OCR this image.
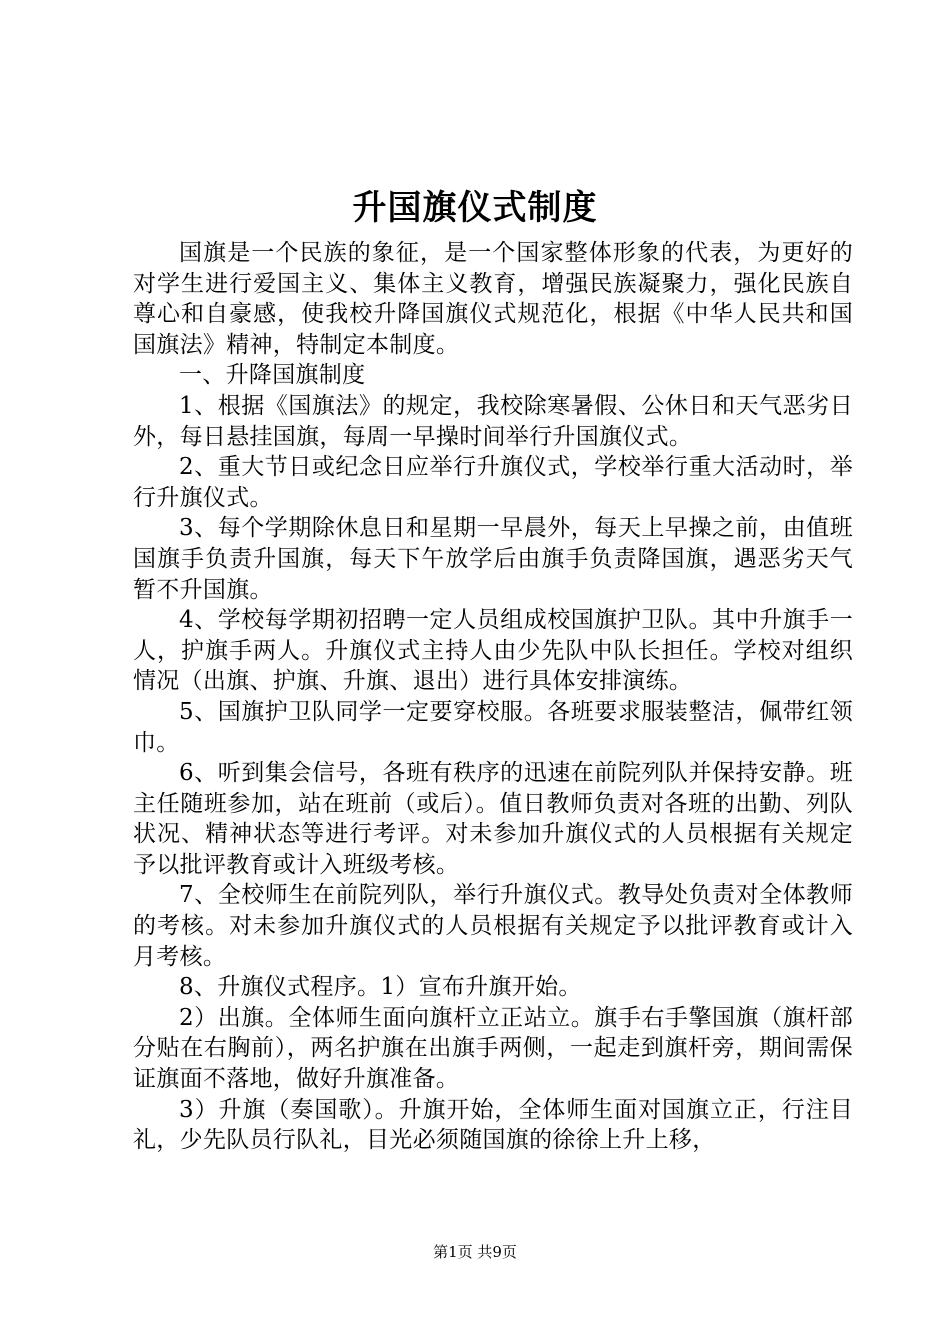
升国旗仪式制度

国旗是一个民族的象征，是一个国家整体形象的代表，为更好的对学生进行爱国主义、集体主义教育，增强民族凝聚力，强化民族自尊心和自豪感，使我校升降国旗仪式规范化，根据《中华人民共和国国旗法》精神，特制定本制度。

一、升降国旗制度

1、根据《国旗法》的规定，我校除寒暑假、公休日和天气恶劣日外，每日悬挂国旗，每周一早操时间举行升国旗仪式。

2、重大节日或纪念日应举行升旗仪式，学校举行重大活动时，举行升旗仪式。

3、每个学期除休息日和星期一早晨外，每天上早操之前，由值班国旗手负责升国旗，每天下午放学后由旗手负责降国旗，遇恶劣天气暂不升国旗。

4、学校每学期初招聘一定人员组成校国旗护卫队。其中升旗手一人，护旗手两人。升旗仪式主持人由少先队中队长担任。学校对组织情况（出旗、护旗、升旗、退出）进行具体安排演练。

5、国旗护卫队同学一定要穿校服。各班要求服装整洁，佩带红领巾。

6、听到集会信号，各班有秩序的迅速在前院列队并保持安静。班主任随班参加，站在班前（或后）。值日教师负责对各班的出勤、列队状况、精神状态等进行考评。对未参加升旗仪式的人员根据有关规定予以批评教育或计入班级考核。

7、全校师生在前院列队，举行升旗仪式。教导处负责对全体教师的考核。对未参加升旗仪式的人员根据有关规定予以批评教育或计入月考核。

8、升旗仪式程序。1）宣布升旗开始。

2）出旗。全体师生面向旗杆立正站立。旗手右手擎国旗（旗杆部分贴在右胸前），两名护旗在出旗手两侧，一起走到旗杆旁，期间需保证旗面不落地，做好升旗准备。

3）升旗（奏国歌）。升旗开始，全体师生面对国旗立正，行注目礼，少先队员行队礼，目光必须随国旗的徐徐上升上移，

第1页 共9页
